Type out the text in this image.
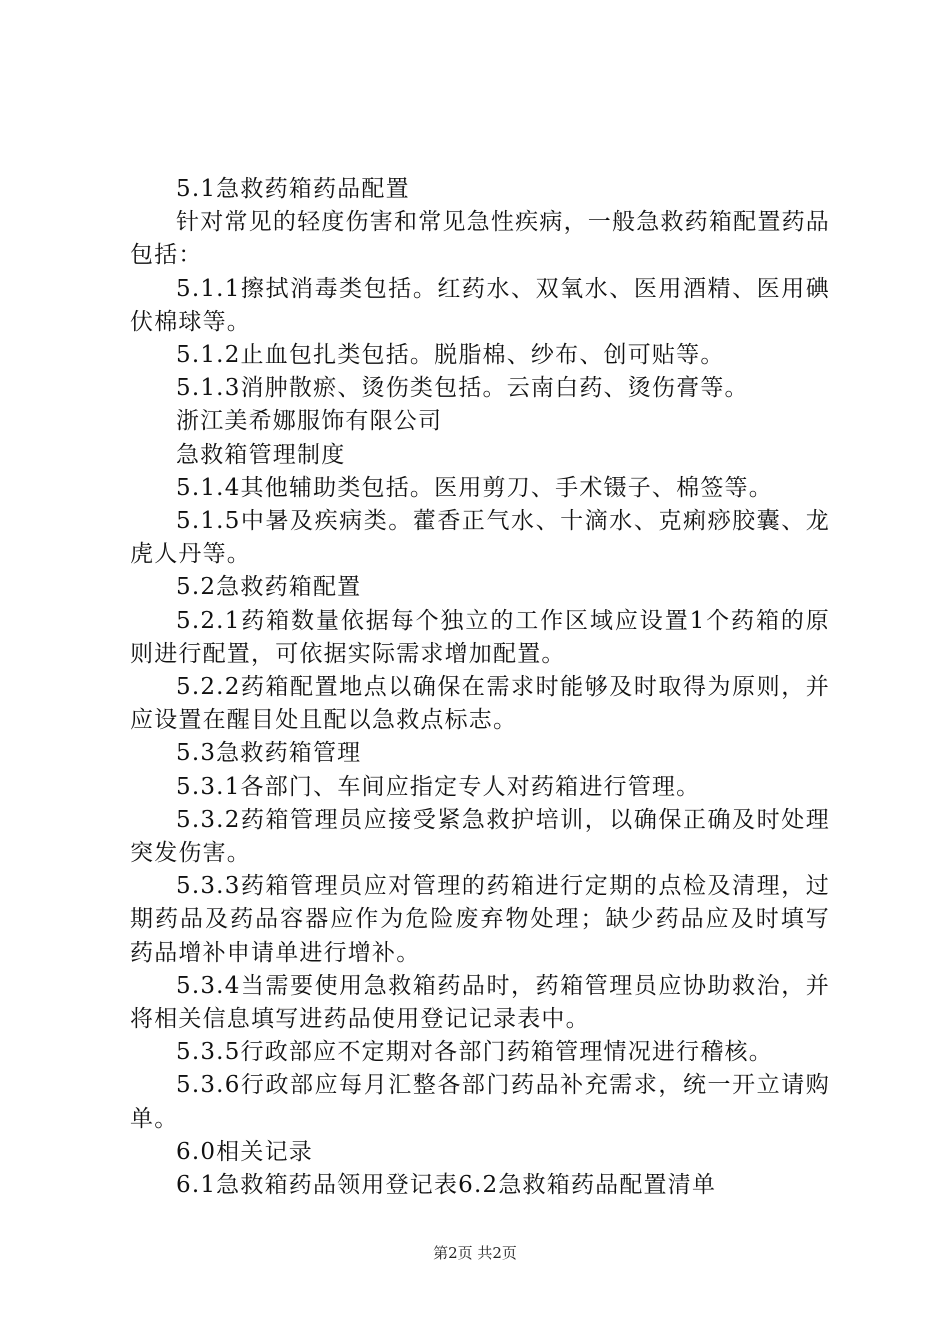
5.1急救药箱药品配置

针对常见的轻度伤害和常见急性疾病，一般急救药箱配置药品包括：

5.1.1擦拭消毒类包括。红药水、双氧水、医用酒精、医用碘伏棉球等。

5.1.2止血包扎类包括。脱脂棉、纱布、创可贴等。

5.1.3消肿散瘀、烫伤类包括。云南白药、烫伤膏等。

浙江美希娜服饰有限公司

急救箱管理制度

5.1.4其他辅助类包括。医用剪刀、手术镊子、棉签等。

5.1.5中暑及疾病类。藿香正气水、十滴水、克痢痧胶囊、龙虎人丹等。

5.2急救药箱配置

5.2.1药箱数量依据每个独立的工作区域应设置1个药箱的原则进行配置，可依据实际需求增加配置。

5.2.2药箱配置地点以确保在需求时能够及时取得为原则，并应设置在醒目处且配以急救点标志。

5.3急救药箱管理

5.3.1各部门、车间应指定专人对药箱进行管理。

5.3.2药箱管理员应接受紧急救护培训，以确保正确及时处理突发伤害。

5.3.3药箱管理员应对管理的药箱进行定期的点检及清理，过期药品及药品容器应作为危险废弃物处理；缺少药品应及时填写药品增补申请单进行增补。

5.3.4当需要使用急救箱药品时，药箱管理员应协助救治，并将相关信息填写进药品使用登记记录表中。

5.3.5行政部应不定期对各部门药箱管理情况进行稽核。

5.3.6行政部应每月汇整各部门药品补充需求，统一开立请购单。

6.0相关记录

6.1急救箱药品领用登记表6.2急救箱药品配置清单

第2页 共2页
